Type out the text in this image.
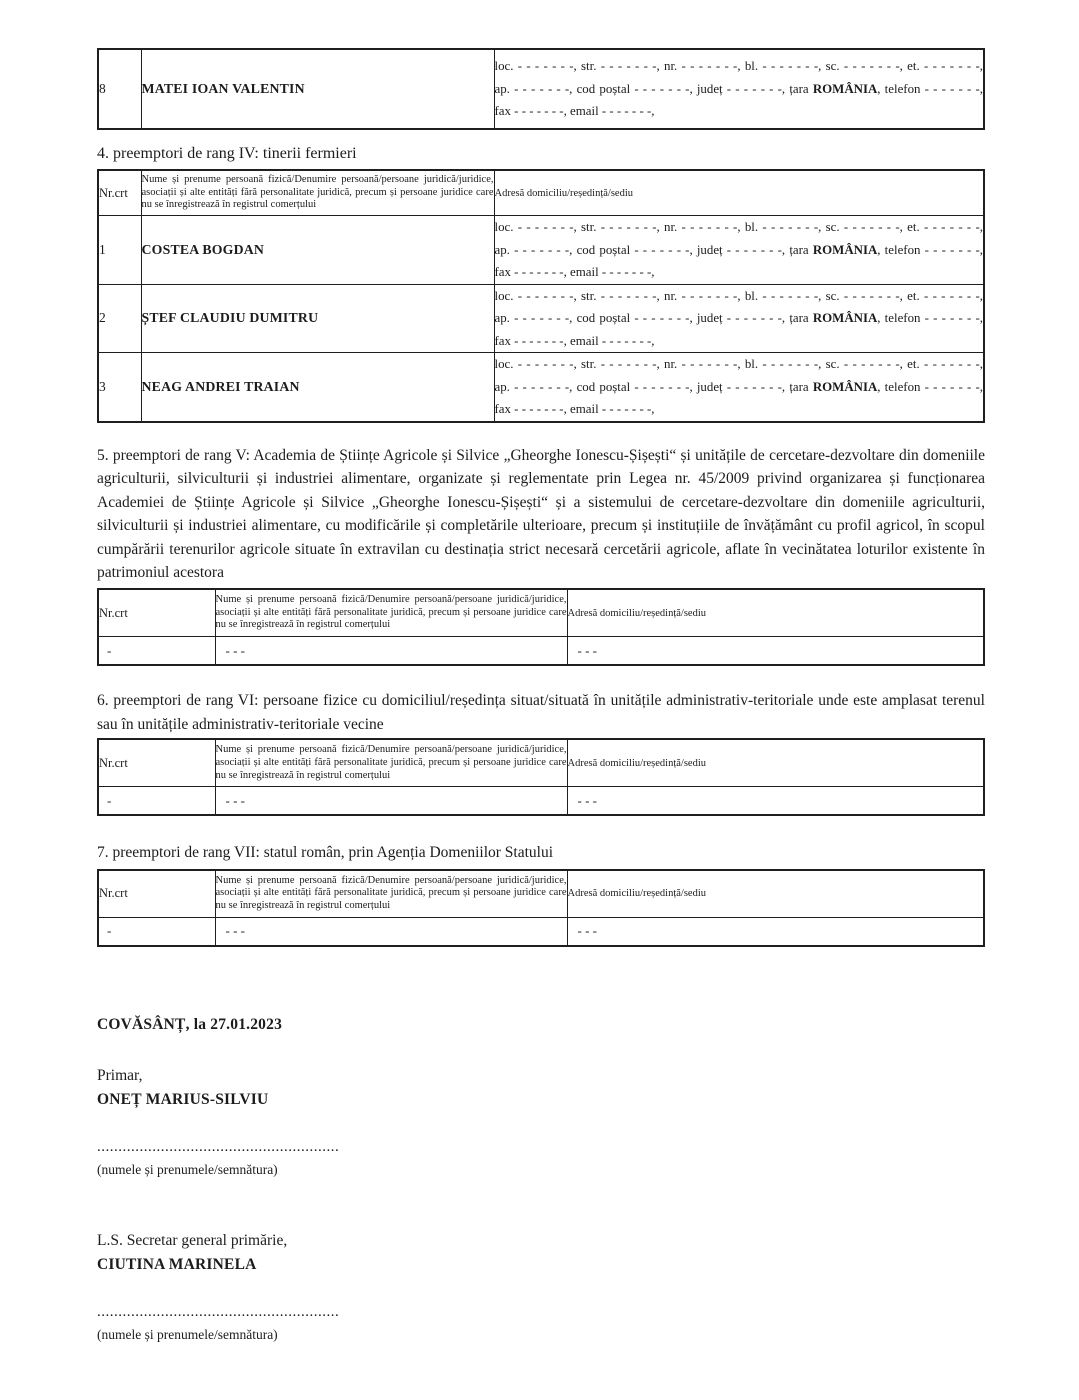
8	MATEI IOAN VALENTIN	
loc. - - - - - - -, str. - - - - - - -, nr. - - - - - - -, bl. - - - - - - -, sc. - - - - - - -, et. - - - - - - -,
ap. - - - - - - -, cod poștal - - - - - - -, județ - - - - - - -, țara ROMÂNIA, telefon - - - - - - -,
fax - - - - - - -, email - - - - - - -,

4. preemptori de rang IV: tinerii fermieri

Nr.crt	Nume și prenume persoană fizică/Denumire persoană/persoane juridică/juridice, asociații și alte entități fără personalitate juridică, precum și persoane juridice care nu se înregistrează în registrul comerțului	Adresă domiciliu/reședință/sediu
1	COSTEA BOGDAN	loc. - - - - - - -, str. - - - - - - -, nr. - - - - - - -, bl. - - - - - - -, sc. - - - - - - -, et. - - - - - - -,
ap. - - - - - - -, cod poștal - - - - - - -, județ - - - - - - -, țara ROMÂNIA, telefon - - - - - - -,
fax - - - - - - -, email - - - - - - -,

2	ȘTEF CLAUDIU DUMITRU	loc. - - - - - - -, str. - - - - - - -, nr. - - - - - - -, bl. - - - - - - -, sc. - - - - - - -, et. - - - - - - -,
ap. - - - - - - -, cod poștal - - - - - - -, județ - - - - - - -, țara ROMÂNIA, telefon - - - - - - -,
fax - - - - - - -, email - - - - - - -,

3	NEAG ANDREI TRAIAN	loc. - - - - - - -, str. - - - - - - -, nr. - - - - - - -, bl. - - - - - - -, sc. - - - - - - -, et. - - - - - - -,
ap. - - - - - - -, cod poștal - - - - - - -, județ - - - - - - -, țara ROMÂNIA, telefon - - - - - - -,
fax - - - - - - -, email - - - - - - -,

5. preemptori de rang V: Academia de Științe Agricole și Silvice „Gheorghe Ionescu-Șișești“ și unitățile de cercetare-dezvoltare din domeniile agriculturii, silviculturii și industriei alimentare, organizate și reglementate prin Legea nr. 45/2009 privind organizarea și funcționarea Academiei de Științe Agricole și Silvice „Gheorghe Ionescu-Șișești“ și a sistemului de cercetare-dezvoltare din domeniile agriculturii, silviculturii și industriei alimentare, cu modificările și completările ulterioare, precum și instituțiile de învățământ cu profil agricol, în scopul cumpărării terenurilor agricole situate în extravilan cu destinația strict necesară cercetării agricole, aflate în vecinătatea loturilor existente în patrimoniul acestora

Nr.crt	Nume și prenume persoană fizică/Denumire persoană/persoane juridică/juridice, asociații și alte entități fără personalitate juridică, precum și persoane juridice care nu se înregistrează în registrul comerțului	Adresă domiciliu/reședință/sediu
-	- - -	- - -

6. preemptori de rang VI: persoane fizice cu domiciliul/reședința situat/situată în unitățile administrativ-teritoriale unde este amplasat terenul sau în unitățile administrativ-teritoriale vecine

Nr.crt	Nume și prenume persoană fizică/Denumire persoană/persoane juridică/juridice, asociații și alte entități fără personalitate juridică, precum și persoane juridice care nu se înregistrează în registrul comerțului	Adresă domiciliu/reședință/sediu
-	- - -	- - -

7. preemptori de rang VII: statul român, prin Agenția Domeniilor Statului

Nr.crt	Nume și prenume persoană fizică/Denumire persoană/persoane juridică/juridice, asociații și alte entități fără personalitate juridică, precum și persoane juridice care nu se înregistrează în registrul comerțului	Adresă domiciliu/reședință/sediu
-	- - -	- - -

COVĂSÂNȚ, la 27.01.2023

Primar,

ONEȚ MARIUS-SILVIU

.........................................................

(numele și prenumele/semnătura)

L.S. Secretar general primărie,

CIUTINA MARINELA

.........................................................

(numele și prenumele/semnătura)
